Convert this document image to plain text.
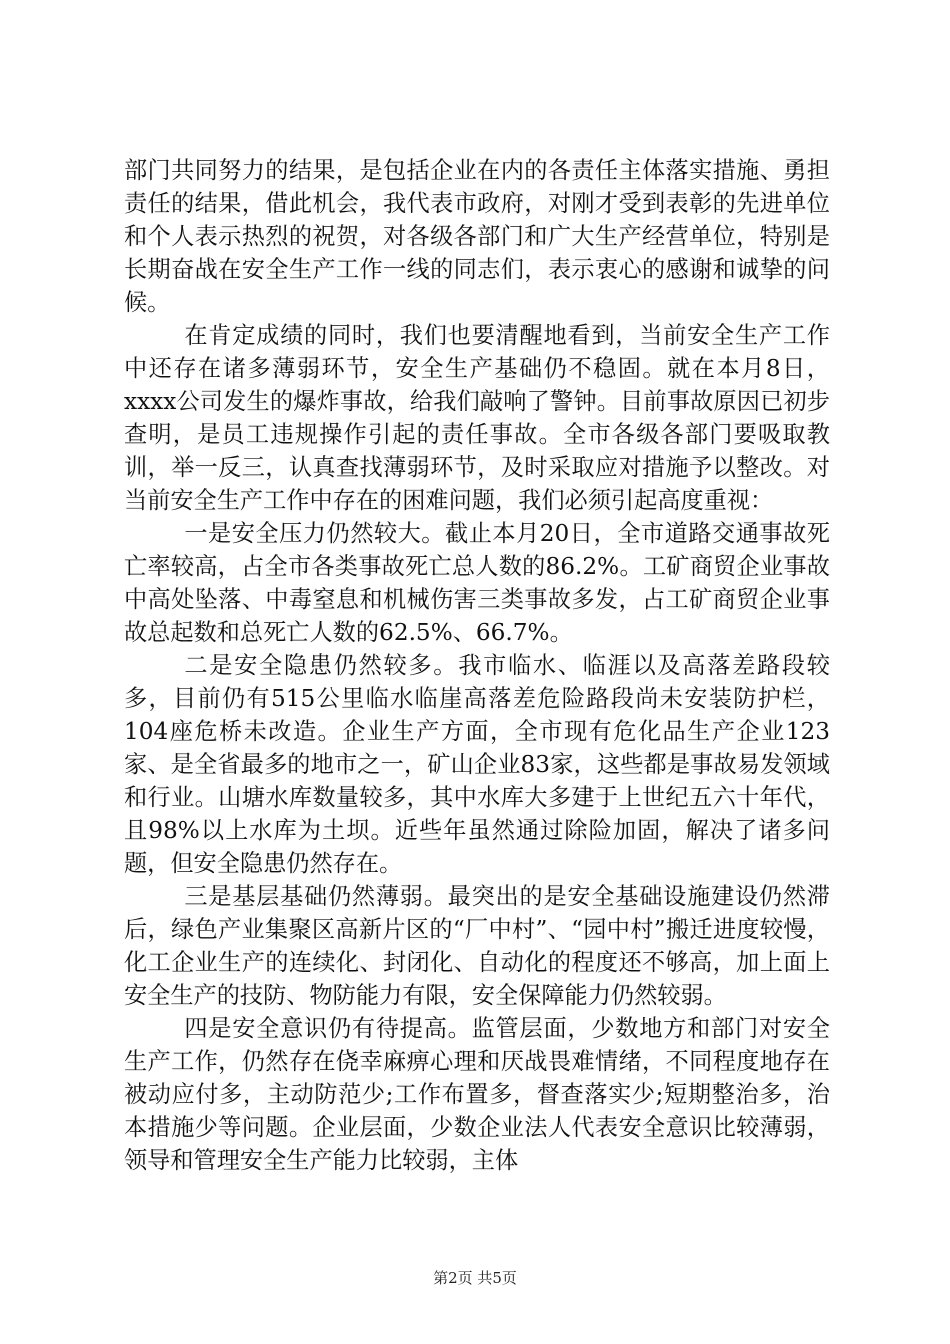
部门共同努力的结果，是包括企业在内的各责任主体落实措施、勇担责任的结果，借此机会，我代表市政府，对刚才受到表彰的先进单位和个人表示热烈的祝贺，对各级各部门和广大生产经营单位，特别是长期奋战在安全生产工作一线的同志们，表示衷心的感谢和诚挚的问候。

在肯定成绩的同时，我们也要清醒地看到，当前安全生产工作中还存在诸多薄弱环节，安全生产基础仍不稳固。就在本月8日，xxxx公司发生的爆炸事故，给我们敲响了警钟。目前事故原因已初步查明，是员工违规操作引起的责任事故。全市各级各部门要吸取教训，举一反三，认真查找薄弱环节，及时采取应对措施予以整改。对当前安全生产工作中存在的困难问题，我们必须引起高度重视：

一是安全压力仍然较大。截止本月20日，全市道路交通事故死亡率较高，占全市各类事故死亡总人数的86.2%。工矿商贸企业事故中高处坠落、中毒窒息和机械伤害三类事故多发，占工矿商贸企业事故总起数和总死亡人数的62.5%、66.7%。

二是安全隐患仍然较多。我市临水、临涯以及高落差路段较多，目前仍有515公里临水临崖高落差危险路段尚未安装防护栏，104座危桥未改造。企业生产方面，全市现有危化品生产企业123家、是全省最多的地市之一，矿山企业83家，这些都是事故易发领域和行业。山塘水库数量较多，其中水库大多建于上世纪五六十年代，且98%以上水库为土坝。近些年虽然通过除险加固，解决了诸多问题，但安全隐患仍然存在。

三是基层基础仍然薄弱。最突出的是安全基础设施建设仍然滞后，绿色产业集聚区高新片区的“厂中村”、“园中村”搬迁进度较慢，化工企业生产的连续化、封闭化、自动化的程度还不够高，加上面上安全生产的技防、物防能力有限，安全保障能力仍然较弱。

四是安全意识仍有待提高。监管层面，少数地方和部门对安全生产工作，仍然存在侥幸麻痹心理和厌战畏难情绪，不同程度地存在被动应付多，主动防范少;工作布置多，督查落实少;短期整治多，治本措施少等问题。企业层面，少数企业法人代表安全意识比较薄弱，领导和管理安全生产能力比较弱，主体

第2页 共5页
